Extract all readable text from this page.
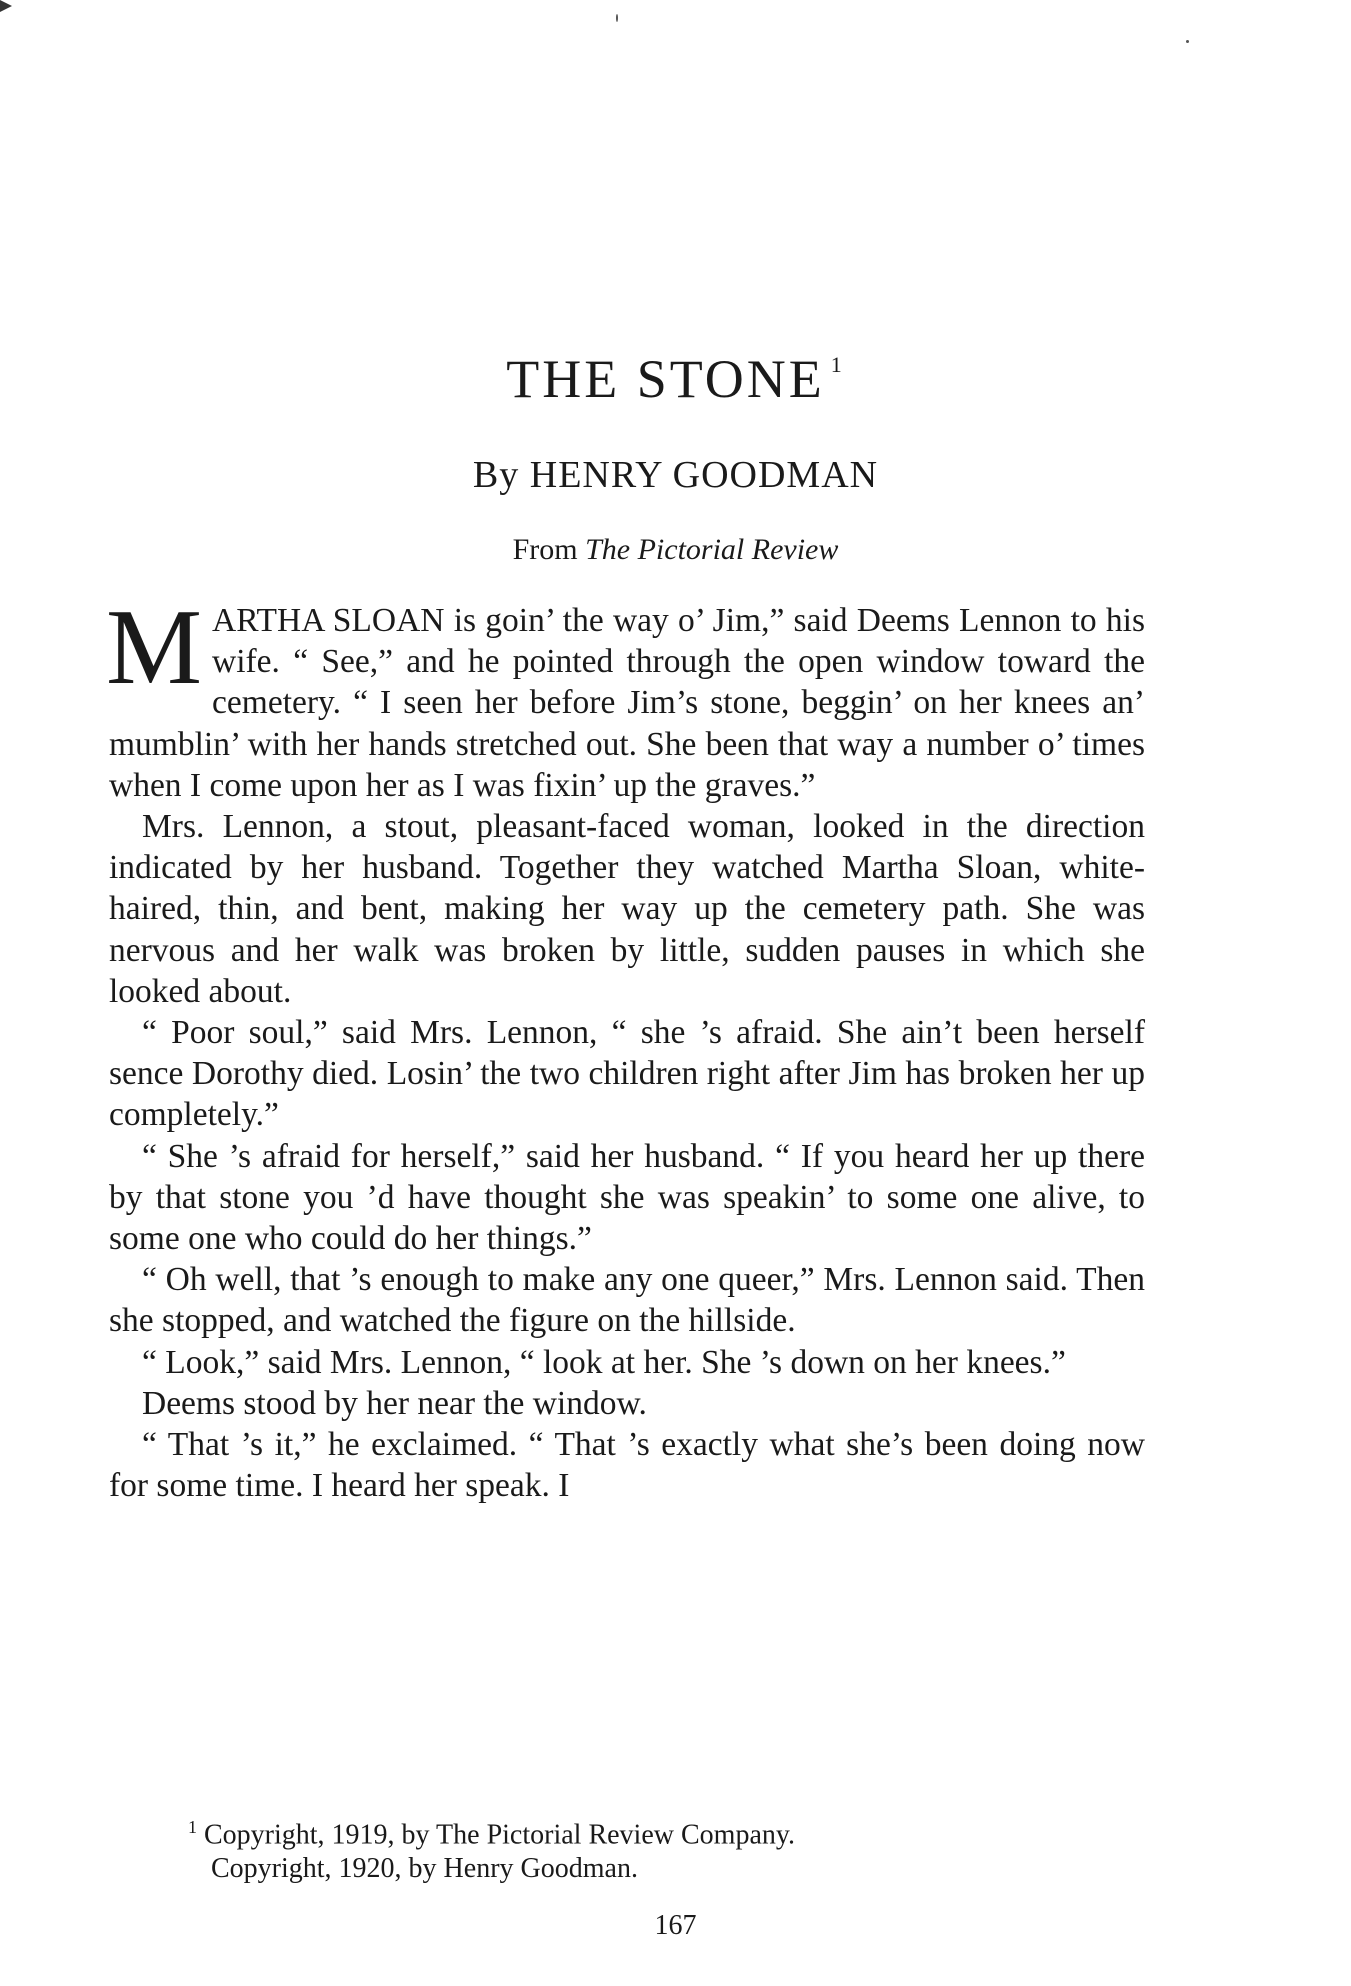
THE STONE $^1$
By HENRY GOODMAN
From The Pictorial Review

MARTHA SLOAN is goin’ the way o’ Jim,” said Deems Lennon to his wife. “ See,” and he pointed through the open window toward the cemetery. “ I seen her before Jim’s stone, beggin’ on her knees an’ mumblin’ with her hands stretched out. She been that way a number o’ times when I come upon her as I was fixin’ up the graves.”

Mrs. Lennon, a stout, pleasant-faced woman, looked in the direction indicated by her husband. Together they watched Martha Sloan, white-haired, thin, and bent, making her way up the cemetery path. She was nervous and her walk was broken by little, sudden pauses in which she looked about.

“ Poor soul,” said Mrs. Lennon, “ she ’s afraid. She ain’t been herself sence Dorothy died. Losin’ the two children right after Jim has broken her up completely.”

“ She ’s afraid for herself,” said her husband. “ If you heard her up there by that stone you ’d have thought she was speakin’ to some one alive, to some one who could do her things.”

“ Oh well, that ’s enough to make any one queer,” Mrs. Lennon said. Then she stopped, and watched the figure on the hillside.

“ Look,” said Mrs. Lennon, “ look at her. She ’s down on her knees.”

Deems stood by her near the window.

“ That ’s it,” he exclaimed. “ That ’s exactly what she’s been doing now for some time. I heard her speak. I

$^1$ Copyright, 1919, by The Pictorial Review Company.
Copyright, 1920, by Henry Goodman.
167
